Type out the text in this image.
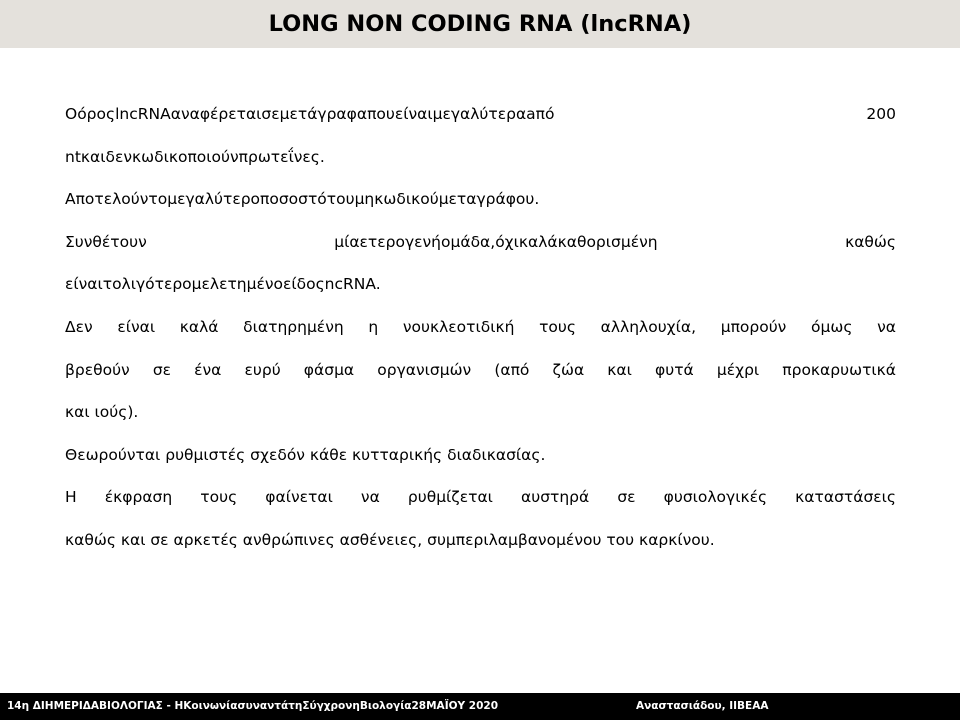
LONG NON CODING RNA (lncRNA)
ΟόροςlncRNAαναφέρεταισεμετάγραφαπουείναιμεγαλύτεραaπό	200
ntκαιδενκωδικοποιούνπρωτεΐνες.
Αποτελούντομεγαλύτεροποσοστότουμηκωδικούμεταγράφου.
Συνθέτουν	μίαετερογενήομάδα,όχικαλάκαθορισμένη	καθώς
είναιτολιγότερομελετημένοείδοςncRNA.
Δεν είναι καλά διατηρημένη η νουκλεοτιδική τους αλληλουχία, μπορούν όμως να
βρεθούν σε ένα ευρύ φάσμα οργανισμών (από ζώα και φυτά μέχρι προκαρυωτικά
και ιούς).
Θεωρούνται ρυθμιστές σχεδόν κάθε κυτταρικής διαδικασίας.
Η έκφραση τους φαίνεται να ρυθμίζεται αυστηρά σε φυσιολογικές καταστάσεις
καθώς και σε αρκετές ανθρώπινες ασθένειες, συμπεριλαμβανομένου του καρκίνου.
14η ΔΙΗΜΕΡΙΔΑΒΙΟΛΟΓΙΑΣ - ΗΚοινωνίασυναντάτηΣύγχρονηΒιολογία28ΜΑΪΟΥ 2020	Αναστασιάδου, ΙΙΒΕΑΑ
